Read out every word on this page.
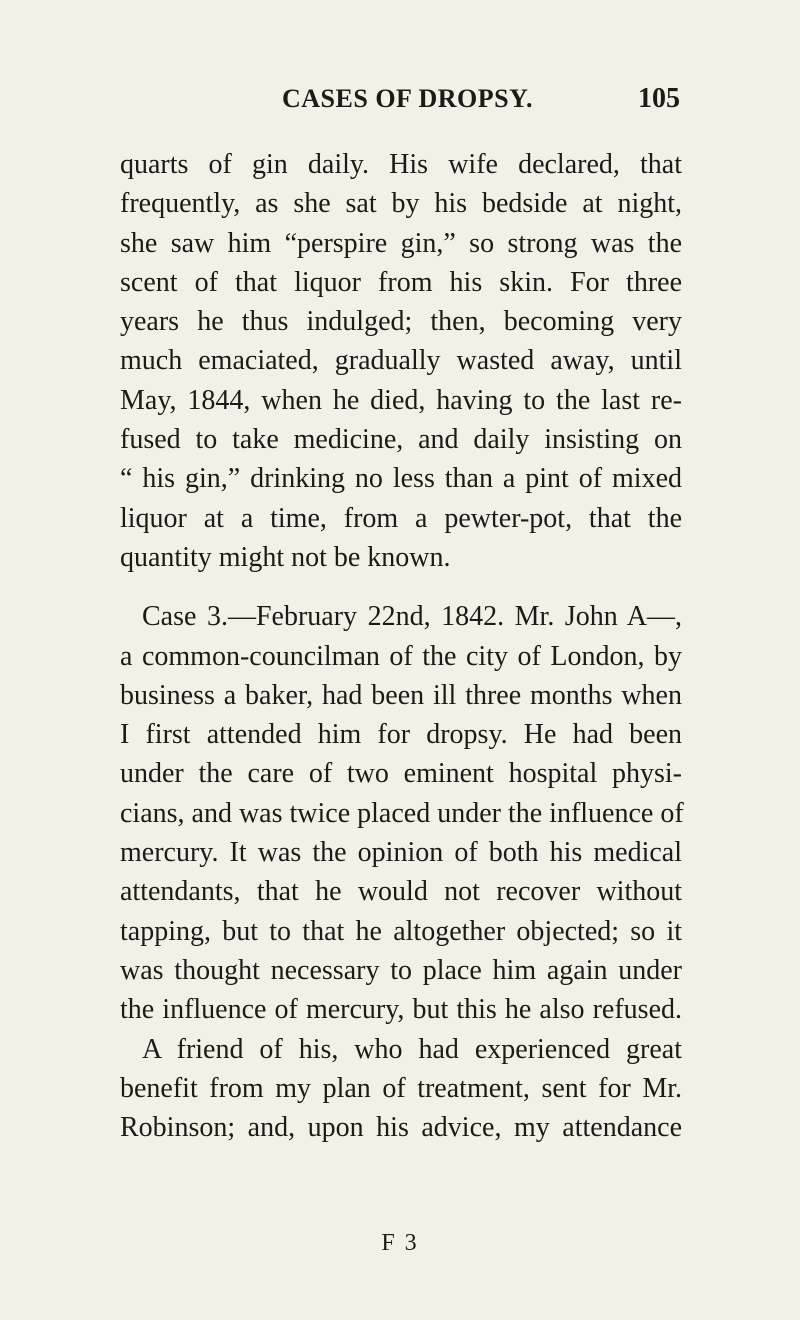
CASES OF DROPSY.	105
quarts of gin daily. His wife declared, that
frequently, as she sat by his bedside at night,
she saw him “perspire gin,” so strong was the
scent of that liquor from his skin. For three
years he thus indulged; then, becoming very
much emaciated, gradually wasted away, until
May, 1844, when he died, having to the last re-
fused to take medicine, and daily insisting on
“ his gin,” drinking no less than a pint of mixed
liquor at a time, from a pewter-pot, that the
quantity might not be known.
Case 3.—February 22nd, 1842. Mr. John A—,
a common-councilman of the city of London, by
business a baker, had been ill three months when
I first attended him for dropsy. He had been
under the care of two eminent hospital physi-
cians, and was twice placed under the influence of
mercury. It was the opinion of both his medical
attendants, that he would not recover without
tapping, but to that he altogether objected; so it
was thought necessary to place him again under
the influence of mercury, but this he also refused.
A friend of his, who had experienced great
benefit from my plan of treatment, sent for Mr.
Robinson; and, upon his advice, my attendance
F 3
